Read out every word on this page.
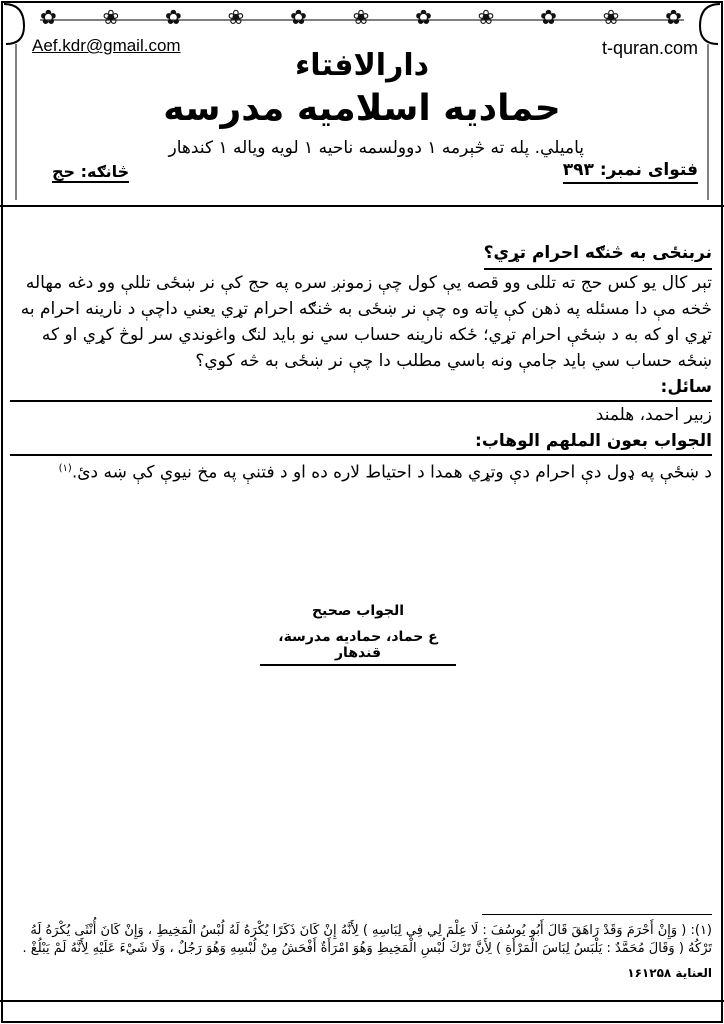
✿ ❀ ✿ ❀ ✿ ❀ ✿ ❀ ✿ ❀ ✿
Aef.kdr@gmail.com	t-quran.com
دارالافتاء
حمادیه اسلامیه مدرسه
پامیلي. پله ته څېرمه ۱ دوولسمه ناحیه ۱ لویه ویاله ۱ کندهار
فتوای نمبر: ۳۹۳
څانګه: حج
نربنځی به څنګه احرام تړي؟

تېر کال یو کس حج ته تللی وو قصه یې کول چې زمونږ سره په حج کې نر ښځی تللې وو دغه مهاله څخه مې دا مسئله په ذهن کې پاته وه چې نر ښځی به څنګه احرام تړي یعني داچې د نارینه احرام به تړي او که به د ښځې احرام تړي؛ ځکه نارینه حساب سي نو باید لنګ واغوندي سر لوڅ کړي او که ښځه حساب سي باید جامې ونه باسي مطلب دا چې نر ښځی به څه کوي؟

سائل:

زبیر احمد، هلمند

الجواب بعون الملهم الوهاب:

د ښځې په ډول دې احرام دې وتړي همدا د احتیاط لاره ده او د فتنې په مخ نیوې کې ښه دئ.$^{(۱)}$

الجواب صحیح
ع حماد، حمادیه مدرسة، قندهار
(۱): ( وَإِنْ أَحْرَمَ وَقَدْ رَاهَقَ قَالَ أَبُو يُوسُفَ : لَا عِلْمَ لِي فِي لِبَاسِهِ ) لِأَنَّهُ إِنْ كَانَ ذَكَرًا يُكْرَهُ لَهُ لُبْسُ الْمَخِيطِ ، وَإِنْ كَانَ أُنْثَى يُكْرَهُ لَهُ تَرْكُهُ ( وَقَالَ مُحَمَّدٌ : يَلْبَسُ لِبَاسَ الْمَرْأَةِ ) لِأَنَّ تَرْكَ لُبْسِ الْمَخِيطِ وَهُوَ امْرَأَةٌ أَفْحَشُ مِنْ لُبْسِهِ وَهُوَ رَجُلٌ ، وَلَا شَيْءَ عَلَيْهِ لِأَنَّهُ لَمْ يَبْلُغْ .
العنایة ۱۶۱۲۵۸
